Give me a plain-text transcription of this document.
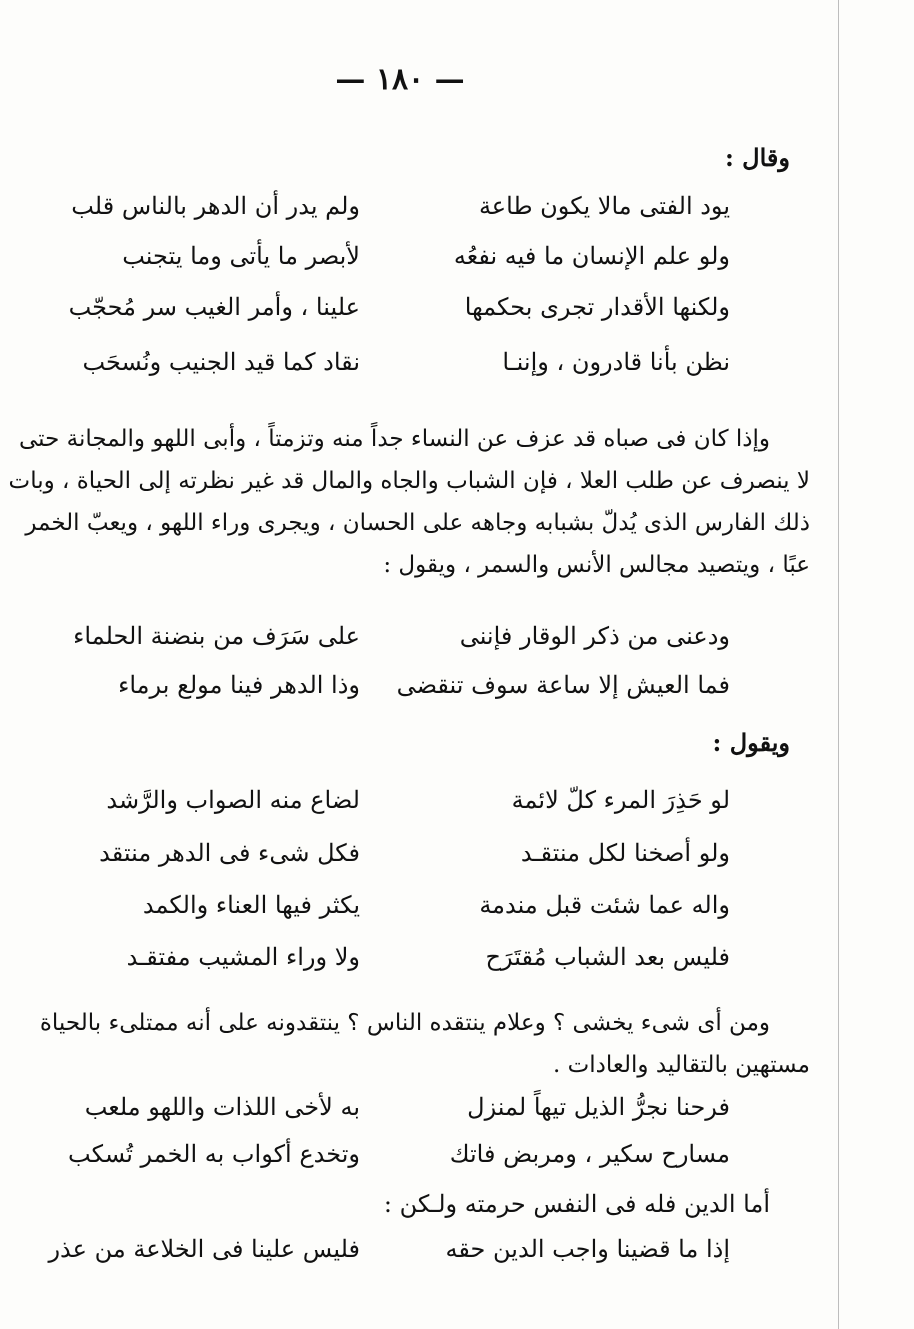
— ١٨٠ —
وقال :
يود الفتى مالا يكون طاعة
ولم يدر أن الدهر بالناس قلب
ولو علم الإنسان ما فيه نفعُه
لأبصر ما يأتى وما يتجنب
ولكنها الأقدار تجرى بحكمها
علينا ، وأمر الغيب سر مُحجّب
نظن بأنا قادرون ، وإننـا
نقاد كما قيد الجنيب ونُسحَب
وإذا كان فى صباه قد عزف عن النساء جداً منه وتزمتاً ، وأبى اللهو والمجانة حتى
لا ينصرف عن طلب العلا ، فإن الشباب والجاه والمال قد غير نظرته إلى الحياة ، وبات
ذلك الفارس الذى يُدلّ بشبابه وجاهه على الحسان ، ويجرى وراء اللهو ، ويعبّ الخمر
عبًا ، ويتصيد مجالس الأنس والسمر ، ويقول :
ودعنى من ذكر الوقار فإننى
على سَرَف من بنضنة الحلماء
فما العيش إلا ساعة سوف تنقضى
وذا الدهر فينا مولع برماء
ويقول :
لو حَذِرَ المرء كلّ لائمة
لضاع منه الصواب والرَّشد
ولو أصخنا لكل منتقـد
فكل شىء فى الدهر منتقد
واله عما شئت قبل مندمة
يكثر فيها العناء والكمد
فليس بعد الشباب مُقتَرَح
ولا وراء المشيب مفتقـد
ومن أى شىء يخشى ؟ وعلام ينتقده الناس ؟ ينتقدونه على أنه ممتلىء بالحياة
مستهين بالتقاليد والعادات .
فرحنا نجرُّ الذيل تيهاً لمنزل
به لأخى اللذات واللهو ملعب
مسارح سكير ، ومربض فاتك
وتخدع أكواب به الخمر تُسكب
أما الدين فله فى النفس حرمته ولـكن :
إذا ما قضينا واجب الدين حقه
فليس علينا فى الخلاعة من عذر
